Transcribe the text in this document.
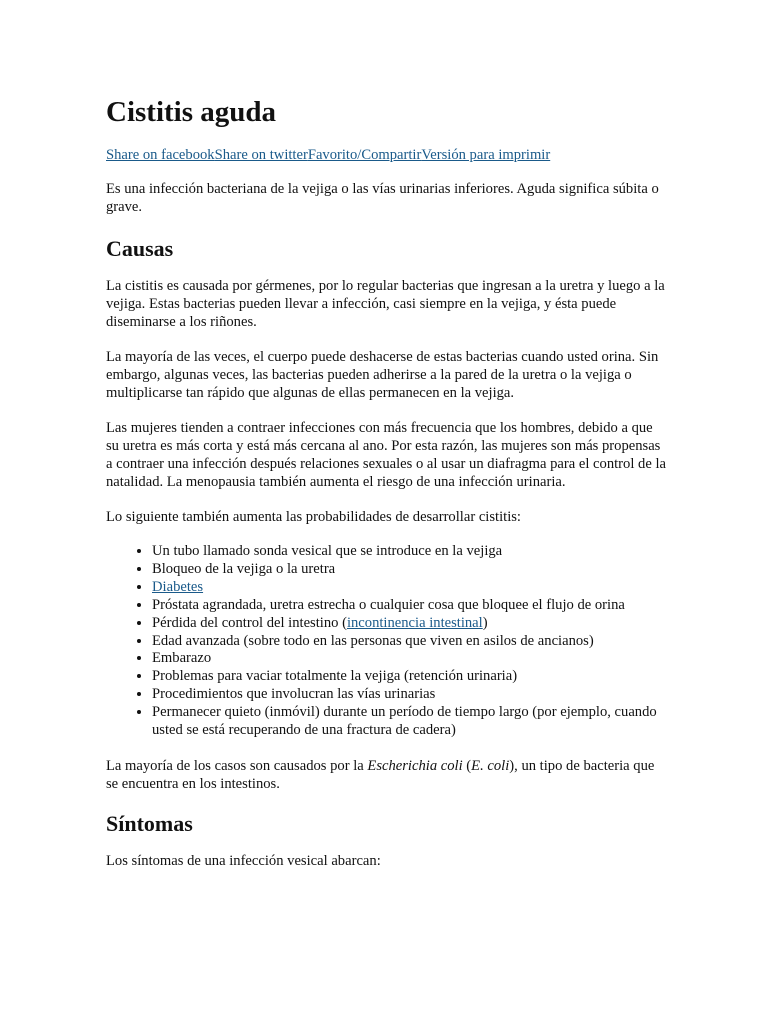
Cistitis aguda

Share on facebookShare on twitterFavorito/CompartirVersión para imprimir

Es una infección bacteriana de la vejiga o las vías urinarias inferiores. Aguda significa súbita o grave.

Causas

La cistitis es causada por gérmenes, por lo regular bacterias que ingresan a la uretra y luego a la vejiga. Estas bacterias pueden llevar a infección, casi siempre en la vejiga, y ésta puede diseminarse a los riñones.

La mayoría de las veces, el cuerpo puede deshacerse de estas bacterias cuando usted orina. Sin embargo, algunas veces, las bacterias pueden adherirse a la pared de la uretra o la vejiga o multiplicarse tan rápido que algunas de ellas permanecen en la vejiga.

Las mujeres tienden a contraer infecciones con más frecuencia que los hombres, debido a que su uretra es más corta y está más cercana al ano. Por esta razón, las mujeres son más propensas a contraer una infección después relaciones sexuales o al usar un diafragma para el control de la natalidad. La menopausia también aumenta el riesgo de una infección urinaria.

Lo siguiente también aumenta las probabilidades de desarrollar cistitis:

• Un tubo llamado sonda vesical que se introduce en la vejiga
• Bloqueo de la vejiga o la uretra
• Diabetes
• Próstata agrandada, uretra estrecha o cualquier cosa que bloquee el flujo de orina
• Pérdida del control del intestino (incontinencia intestinal)
• Edad avanzada (sobre todo en las personas que viven en asilos de ancianos)
• Embarazo
• Problemas para vaciar totalmente la vejiga (retención urinaria)
• Procedimientos que involucran las vías urinarias
• Permanecer quieto (inmóvil) durante un período de tiempo largo (por ejemplo, cuando usted se está recuperando de una fractura de cadera)

La mayoría de los casos son causados por la Escherichia coli (E. coli), un tipo de bacteria que se encuentra en los intestinos.

Síntomas

Los síntomas de una infección vesical abarcan:
